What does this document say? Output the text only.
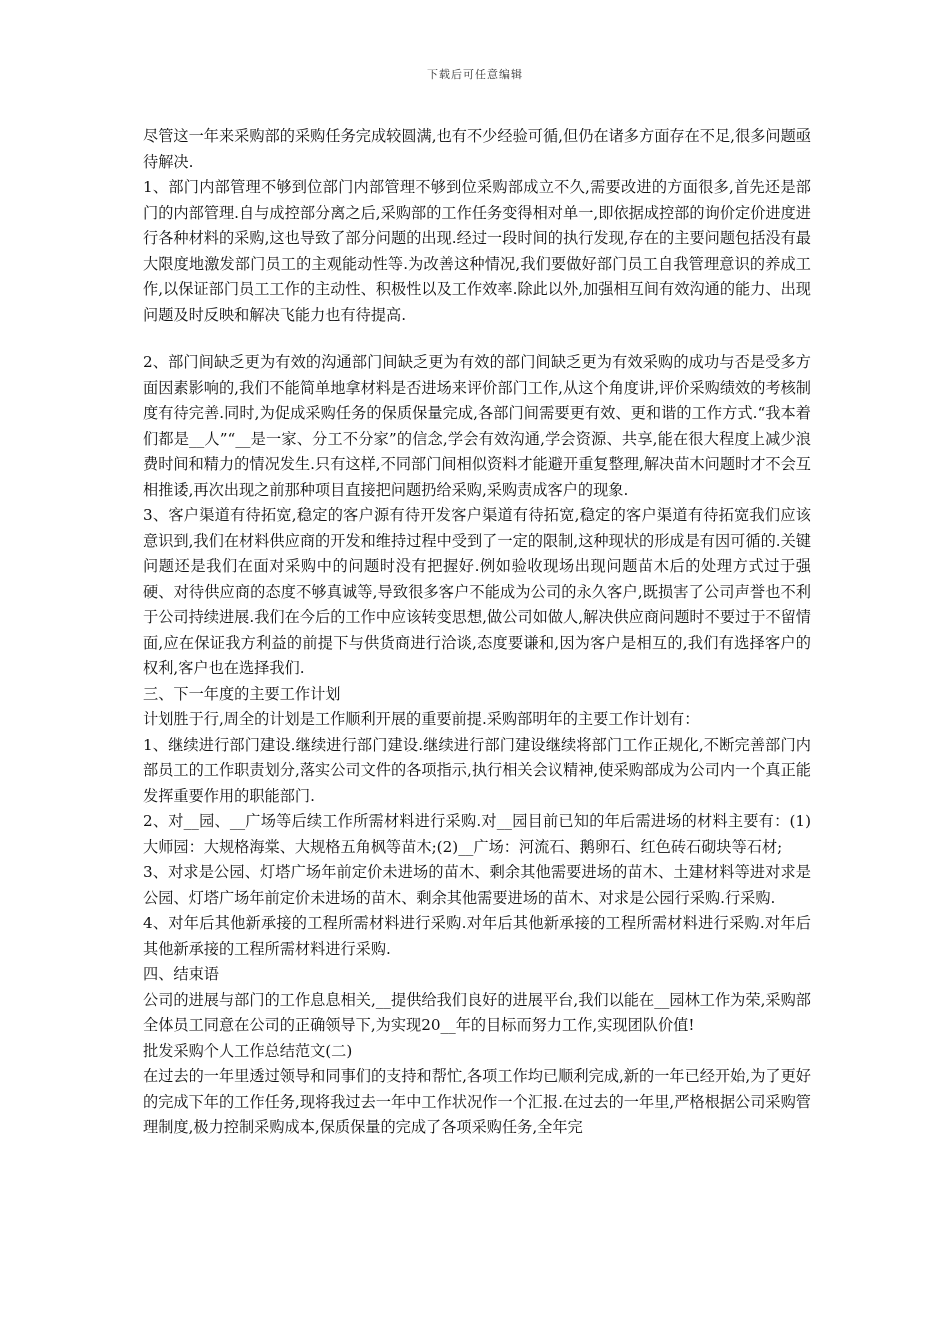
下载后可任意编辑

尽管这一年来采购部的采购任务完成较圆满,也有不少经验可循,但仍在诸多方面存在不足,很多问题亟待解决.

1、部门内部管理不够到位部门内部管理不够到位采购部成立不久,需要改进的方面很多,首先还是部门的内部管理.自与成控部分离之后,采购部的工作任务变得相对单一,即依据成控部的询价定价进度进行各种材料的采购,这也导致了部分问题的出现.经过一段时间的执行发现,存在的主要问题包括没有最大限度地激发部门员工的主观能动性等.为改善这种情况,我们要做好部门员工自我管理意识的养成工作,以保证部门员工工作的主动性、积极性以及工作效率.除此以外,加强相互间有效沟通的能力、出现问题及时反映和解决飞能力也有待提高.

2、部门间缺乏更为有效的沟通部门间缺乏更为有效的部门间缺乏更为有效采购的成功与否是受多方面因素影响的,我们不能简单地拿材料是否进场来评价部门工作,从这个角度讲,评价采购绩效的考核制度有待完善.同时,为促成采购任务的保质保量完成,各部门间需要更有效、更和谐的工作方式.“我本着们都是__人”“__是一家、分工不分家”的信念,学会有效沟通,学会资源、共享,能在很大程度上减少浪费时间和精力的情况发生.只有这样,不同部门间相似资料才能避开重复整理,解决苗木问题时才不会互相推诿,再次出现之前那种项目直接把问题扔给采购,采购责成客户的现象.

3、客户渠道有待拓宽,稳定的客户源有待开发客户渠道有待拓宽,稳定的客户渠道有待拓宽我们应该意识到,我们在材料供应商的开发和维持过程中受到了一定的限制,这种现状的形成是有因可循的.关键问题还是我们在面对采购中的问题时没有把握好.例如验收现场出现问题苗木后的处理方式过于强硬、对待供应商的态度不够真诚等,导致很多客户不能成为公司的永久客户,既损害了公司声誉也不利于公司持续进展.我们在今后的工作中应该转变思想,做公司如做人,解决供应商问题时不要过于不留情面,应在保证我方利益的前提下与供货商进行洽谈,态度要谦和,因为客户是相互的,我们有选择客户的权利,客户也在选择我们.

三、下一年度的主要工作计划

计划胜于行,周全的计划是工作顺利开展的重要前提.采购部明年的主要工作计划有：

1、继续进行部门建设.继续进行部门建设.继续进行部门建设继续将部门工作正规化,不断完善部门内部员工的工作职责划分,落实公司文件的各项指示,执行相关会议精神,使采购部成为公司内一个真正能发挥重要作用的职能部门.

2、对__园、__广场等后续工作所需材料进行采购.对__园目前已知的年后需进场的材料主要有：(1)大师园：大规格海棠、大规格五角枫等苗木;(2)__广场：河流石、鹅卵石、红色砖石砌块等石材;

3、对求是公园、灯塔广场年前定价未进场的苗木、剩余其他需要进场的苗木、土建材料等进对求是公园、灯塔广场年前定价未进场的苗木、剩余其他需要进场的苗木、对求是公园行采购.行采购.

4、对年后其他新承接的工程所需材料进行采购.对年后其他新承接的工程所需材料进行采购.对年后其他新承接的工程所需材料进行采购.

四、结束语

公司的进展与部门的工作息息相关,__提供给我们良好的进展平台,我们以能在__园林工作为荣,采购部全体员工同意在公司的正确领导下,为实现20__年的目标而努力工作,实现团队价值!

批发采购个人工作总结范文(二)

在过去的一年里透过领导和同事们的支持和帮忙,各项工作均已顺利完成,新的一年已经开始,为了更好的完成下年的工作任务,现将我过去一年中工作状况作一个汇报.在过去的一年里,严格根据公司采购管理制度,极力控制采购成本,保质保量的完成了各项采购任务,全年完
